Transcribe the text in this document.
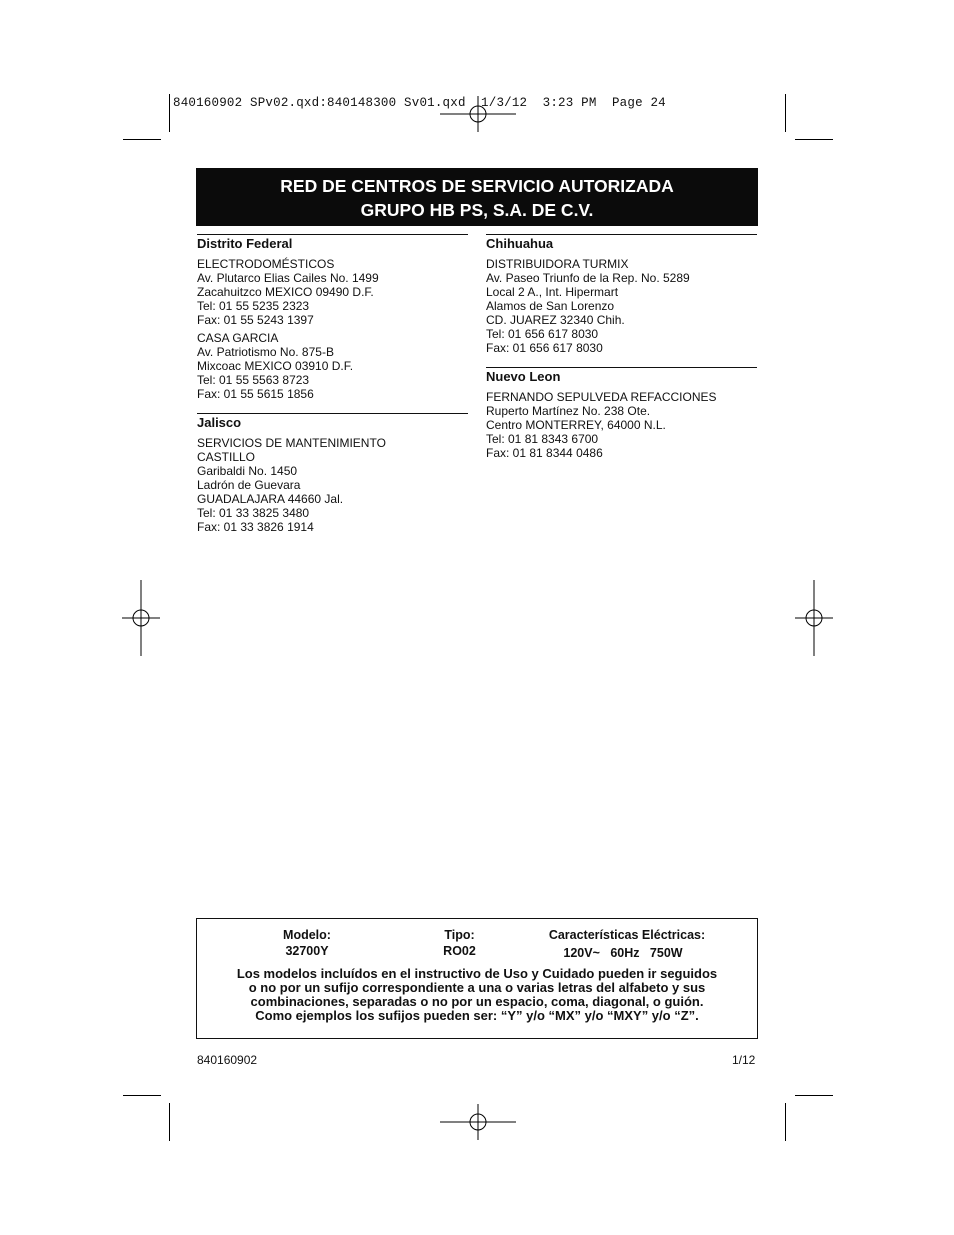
840160902 SPv02.qxd:840148300 Sv01.qxd  1/3/12  3:23 PM  Page 24
RED DE CENTROS DE SERVICIO AUTORIZADA
GRUPO HB PS, S.A. DE C.V.
Distrito Federal
ELECTRODOMÉSTICOS
Av. Plutarco Elias Cailes No. 1499
Zacahuitzco MEXICO 09490 D.F.
Tel: 01 55 5235 2323
Fax: 01 55 5243 1397
CASA GARCIA
Av. Patriotismo No. 875-B
Mixcoac MEXICO 03910 D.F.
Tel: 01 55 5563 8723
Fax: 01 55 5615 1856
Jalisco
SERVICIOS DE MANTENIMIENTO
CASTILLO
Garibaldi No. 1450
Ladrón de Guevara
GUADALAJARA 44660 Jal.
Tel: 01 33 3825 3480
Fax: 01 33 3826 1914
Chihuahua
DISTRIBUIDORA TURMIX
Av. Paseo Triunfo de la Rep. No. 5289
Local 2 A., Int. Hipermart
Alamos de San Lorenzo
CD. JUAREZ 32340 Chih.
Tel: 01 656 617 8030
Fax: 01 656 617 8030
Nuevo Leon
FERNANDO SEPULVEDA REFACCIONES
Ruperto Martínez No. 238 Ote.
Centro MONTERREY, 64000 N.L.
Tel: 01 81 8343 6700
Fax: 01 81 8344 0486
Modelo:
32700Y
Tipo:
RO02
Características Eléctricas:
120V~   60Hz   750W
Los modelos incluídos en el instructivo de Uso y Cuidado pueden ir seguidos
o no por un sufijo correspondiente a una o varias letras del alfabeto y sus
combinaciones, separadas o no por un espacio, coma, diagonal, o guión.
Como ejemplos los sufijos pueden ser: “Y” y/o “MX” y/o “MXY” y/o “Z”.
840160902	1/12
